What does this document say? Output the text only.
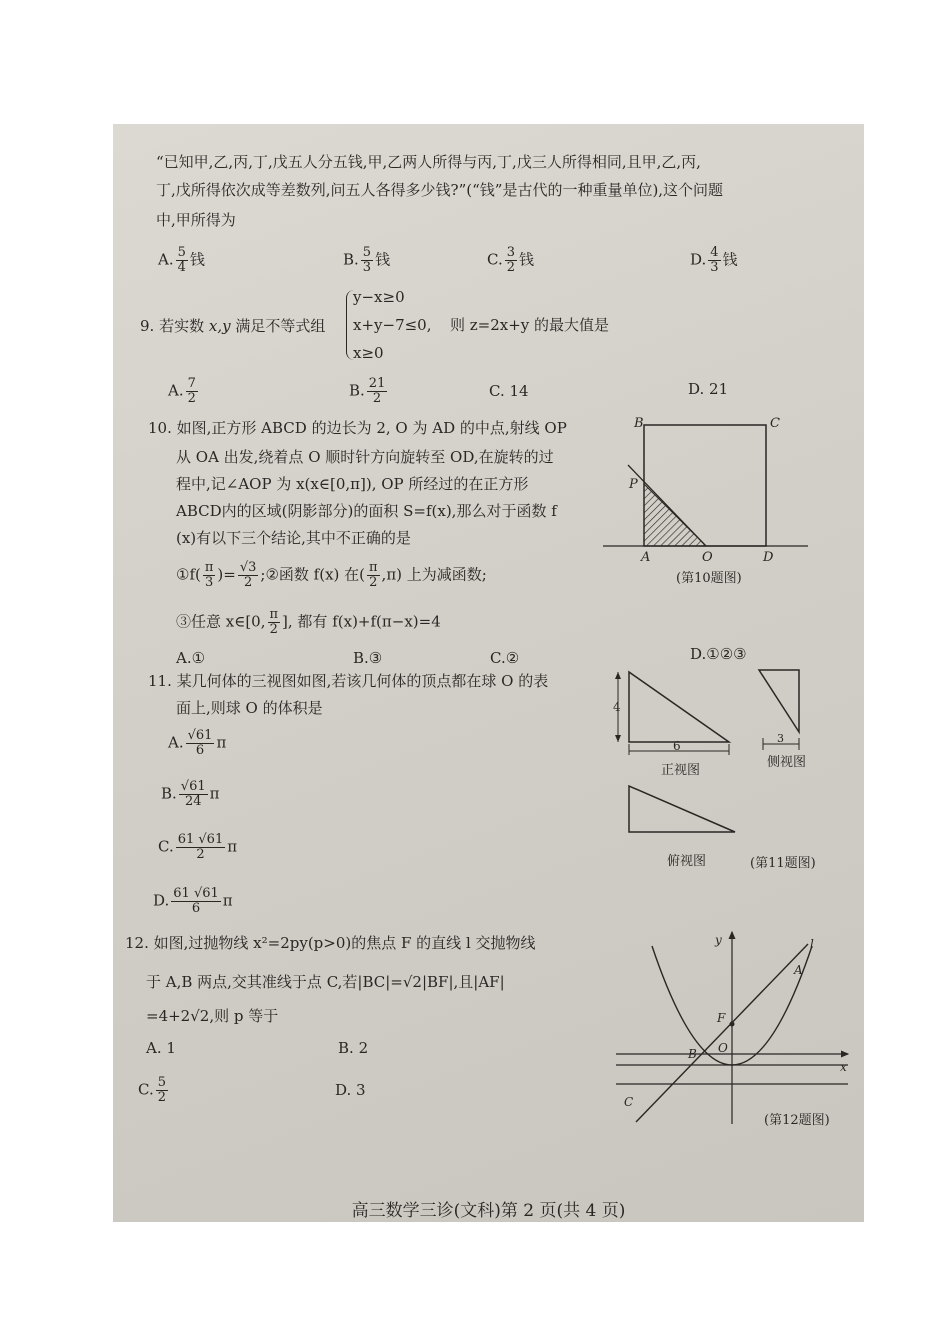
“已知甲,乙,丙,丁,戊五人分五钱,甲,乙两人所得与丙,丁,戊三人所得相同,且甲,乙,丙,
丁,戊所得依次成等差数列,问五人各得多少钱?”(“钱”是古代的一种重量单位),这个问题
中,甲所得为
A. $\frac{5}{4}$ 钱	B. $\frac{5}{3}$ 钱	C. $\frac{3}{2}$ 钱	D. $\frac{4}{3}$ 钱
9. 若实数 x,y 满足不等式组
y−x≥0
x+y−7≤0,
x≥0
则 z=2x+y 的最大值是
A. $\frac{7}{2}$	B. $\frac{21}{2}$	C. 14	D. 21
10. 如图,正方形 ABCD 的边长为 2, O 为 AD 的中点,射线 OP
从 OA 出发,绕着点 O 顺时针方向旋转至 OD,在旋转的过
程中,记∠AOP 为 x(x∈[0,π]), OP 所经过的在正方形
ABCD内的区域(阴影部分)的面积 S=f(x),那么对于函数 f
(x)有以下三个结论,其中不正确的是
①f( $\frac{\pi}{3}$ )= $\frac{√3}{2}$ ;②函数 f(x) 在( $\frac{\pi}{2} ,\pi$) 上为减函数;
③任意 x∈[0, $\frac{\pi}{2}$ ], 都有 f(x)+f(π−x)=4
A.①	B.③	C.②	D.①②③
B	C
P
A	O	D
(第10题图)
11. 某几何体的三视图如图,若该几何体的顶点都在球 O 的表
面上,则球 O 的体积是
A. $\frac{√61}{6}$ π
B. $\frac{√61}{24}$ π
C. $\frac{61 √61}{2}$ π
D. $\frac{61 √61}{6}$ π
4
6
正视图
3
侧视图
俯视图	(第11题图)
12. 如图,过抛物线 x²=2py(p>0)的焦点 F 的直线 l 交抛物线
于 A,B 两点,交其准线于点 C,若|BC|=√2|BF|,且|AF|
=4+2√2,则 p 等于
A. 1	B. 2
C. $\frac{5}{2}$	D. 3
x
y	l
A
F
B O
C
(第12题图)
高三数学三诊(文科)第 2 页(共 4 页)
